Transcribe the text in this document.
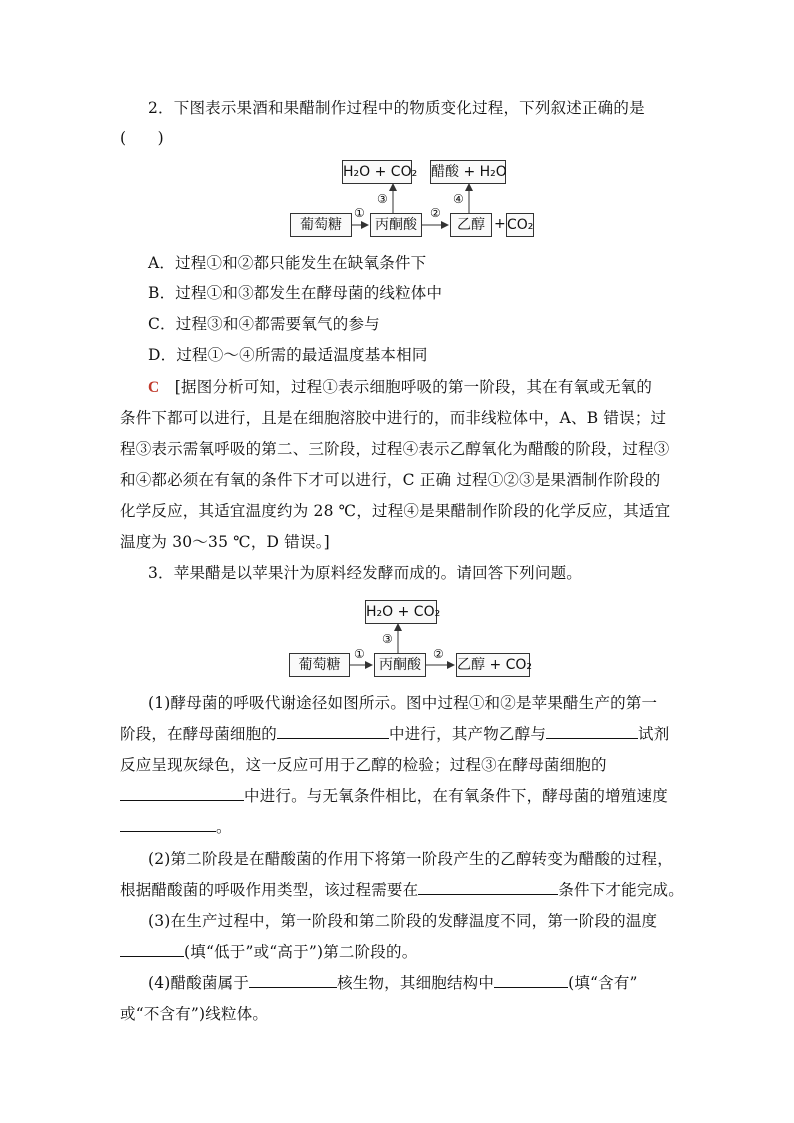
2．下图表示果酒和果醋制作过程中的物质变化过程，下列叙述正确的是
(　　)
葡萄糖	丙酮酸	乙醇 + CO₂
H₂O + CO₂ 醋酸 + H₂O
①	②
③	④
A．过程①和②都只能发生在缺氧条件下
B．过程①和③都发生在酵母菌的线粒体中
C．过程③和④都需要氧气的参与
D．过程①～④所需的最适温度基本相同
C [据图分析可知，过程①表示细胞呼吸的第一阶段，其在有氧或无氧的
条件下都可以进行，且是在细胞溶胶中进行的，而非线粒体中，A、B 错误；过
程③表示需氧呼吸的第二、三阶段，过程④表示乙醇氧化为醋酸的阶段，过程③
和④都必须在有氧的条件下才可以进行，C 正确 过程①②③是果酒制作阶段的
化学反应，其适宜温度约为 28 ℃，过程④是果醋制作阶段的化学反应，其适宜
温度为 30～35 ℃，D 错误。]
3．苹果醋是以苹果汁为原料经发酵而成的。请回答下列问题。
葡萄糖	丙酮酸	乙醇 + CO₂
H₂O + CO₂
①	②
③
(1)酵母菌的呼吸代谢途径如图所示。图中过程①和②是苹果醋生产的第一
阶段，在酵母菌细胞的	中进行，其产物乙醇与	试剂
反应呈现灰绿色，这一反应可用于乙醇的检验；过程③在酵母菌细胞的
中进行。与无氧条件相比，在有氧条件下，酵母菌的增殖速度
。
(2)第二阶段是在醋酸菌的作用下将第一阶段产生的乙醇转变为醋酸的过程，
根据醋酸菌的呼吸作用类型，该过程需要在	条件下才能完成。
(3)在生产过程中，第一阶段和第二阶段的发酵温度不同，第一阶段的温度
(填“低于”或“高于”)第二阶段的。
(4)醋酸菌属于	核生物，其细胞结构中	(填“含有”
或“不含有”)线粒体。
